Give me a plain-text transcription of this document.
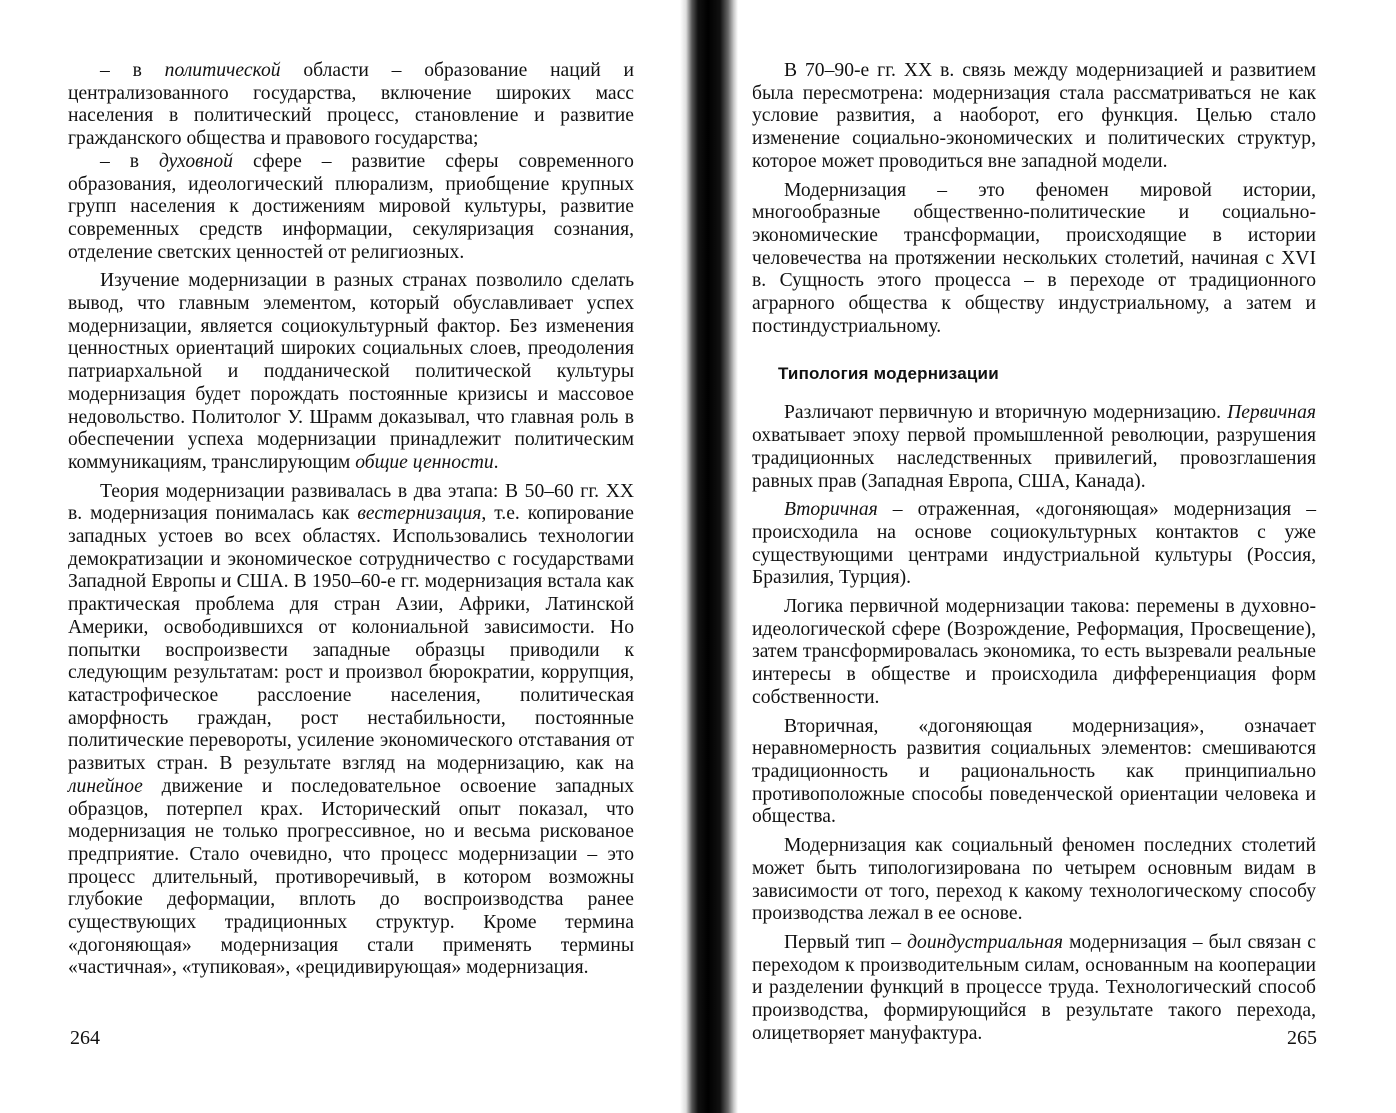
– в политической области – образование наций и централизованного государства, включение широких масс населения в политический процесс, становление и развитие гражданского общества и правового государства;

– в духовной сфере – развитие сферы современного образования, идеологический плюрализм, приобщение крупных групп населения к достижениям мировой культуры, развитие современных средств информации, секуляризация сознания, отделение светских ценностей от религиозных.

Изучение модернизации в разных странах позволило сделать вывод, что главным элементом, который обуславливает успех модернизации, является социокультурный фактор. Без изменения ценностных ориентаций широких социальных слоев, преодоления патриархальной и подданической политической культуры модернизация будет порождать постоянные кризисы и массовое недовольство. Политолог У. Шрамм доказывал, что главная роль в обеспечении успеха модернизации принадлежит политическим коммуникациям, транслирующим общие ценности.

Теория модернизации развивалась в два этапа: В 50–60 гг. XX в. модернизация понималась как вестернизация, т.е. копирование западных устоев во всех областях. Использовались технологии демократизации и экономическое сотрудничество с государствами Западной Европы и США. В 1950–60-е гг. модернизация встала как практическая проблема для стран Азии, Африки, Латинской Америки, освободившихся от колониальной зависимости. Но попытки воспроизвести западные образцы приводили к следующим результатам: рост и произвол бюрократии, коррупция, катастрофическое расслоение населения, политическая аморфность граждан, рост нестабильности, постоянные политические перевороты, усиление экономического отставания от развитых стран. В результате взгляд на модернизацию, как на линейное движение и последовательное освоение западных образцов, потерпел крах. Исторический опыт показал, что модернизация не только прогрессивное, но и весьма рискованое предприятие. Стало очевидно, что процесс модернизации – это процесс длительный, противоречивый, в котором возможны глубокие деформации, вплоть до воспроизводства ранее существующих традиционных структур. Кроме термина «догоняющая» модернизация стали применять термины «частичная», «тупиковая», «рецидивирующая» модернизация.

264

В 70–90-е гг. XX в. связь между модернизацией и развитием была пересмотрена: модернизация стала рассматриваться не как условие развития, а наоборот, его функция. Целью стало изменение социально-экономических и политических структур, которое может проводиться вне западной модели.

Модернизация – это феномен мировой истории, многообразные общественно-политические и социально-экономические трансформации, происходящие в истории человечества на протяжении нескольких столетий, начиная с XVI в. Сущность этого процесса – в переходе от традиционного аграрного общества к обществу индустриальному, а затем и постиндустриальному.

Типология модернизации

Различают первичную и вторичную модернизацию. Первичная охватывает эпоху первой промышленной революции, разрушения традиционных наследственных привилегий, провозглашения равных прав (Западная Европа, США, Канада).

Вторичная – отраженная, «догоняющая» модернизация – происходила на основе социокультурных контактов с уже существующими центрами индустриальной культуры (Россия, Бразилия, Турция).

Логика первичной модернизации такова: перемены в духовно-идеологической сфере (Возрождение, Реформация, Просвещение), затем трансформировалась экономика, то есть вызревали реальные интересы в обществе и происходила дифференциация форм собственности.

Вторичная, «догоняющая модернизация», означает неравномерность развития социальных элементов: смешиваются традиционность и рациональность как принципиально противоположные способы поведенческой ориентации человека и общества.

Модернизация как социальный феномен последних столетий может быть типологизирована по четырем основным видам в зависимости от того, переход к какому технологическому способу производства лежал в ее основе.

Первый тип – доиндустриальная модернизация – был связан с переходом к производительным силам, основанным на кооперации и разделении функций в процессе труда. Технологический способ производства, формирующийся в результате такого перехода, олицетворяет мануфактура.	265
